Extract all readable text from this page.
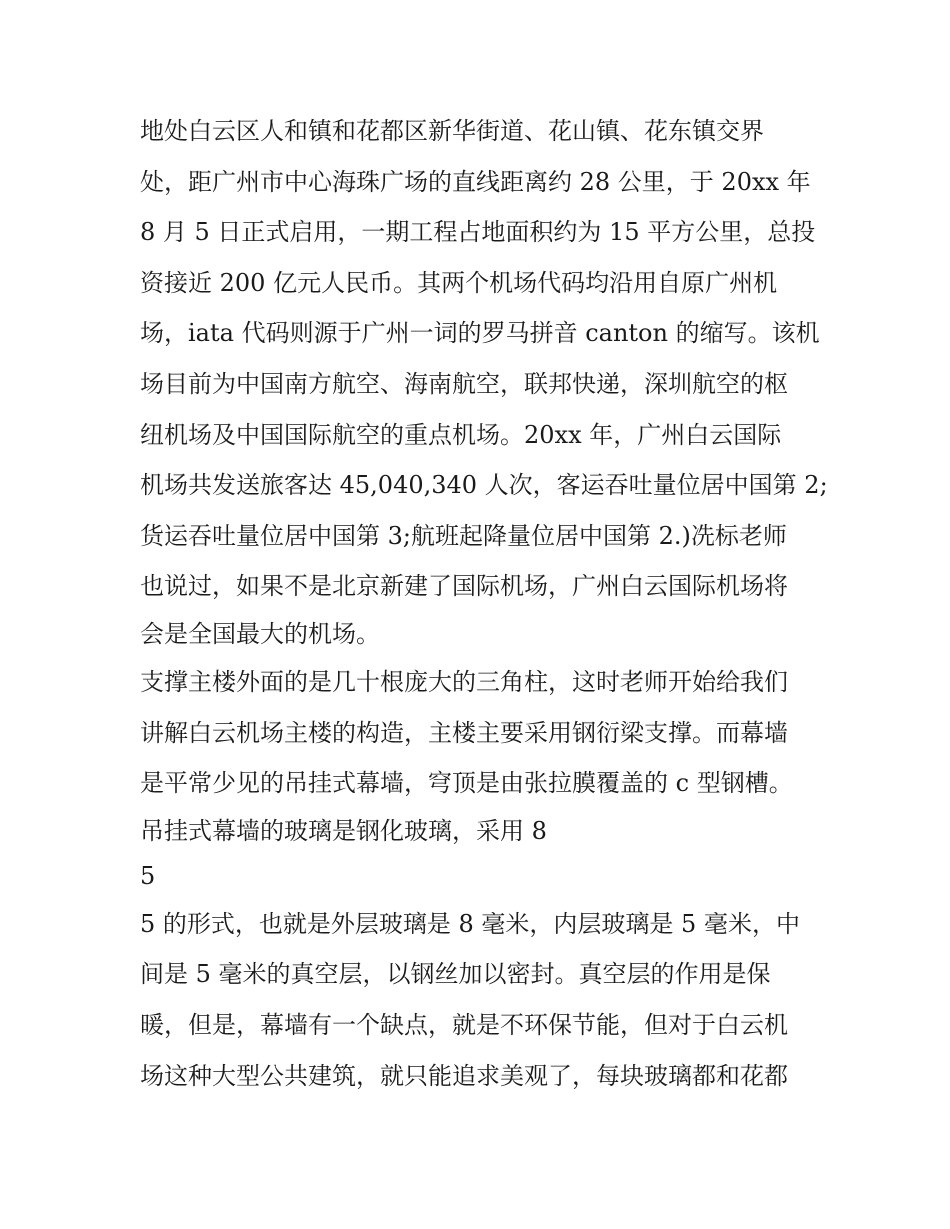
地处白云区人和镇和花都区新华街道、花山镇、花东镇交界
处，距广州市中心海珠广场的直线距离约 28 公里，于 20xx 年
8 月 5 日正式启用，一期工程占地面积约为 15 平方公里，总投
资接近 200 亿元人民币。其两个机场代码均沿用自原广州机
场，iata 代码则源于广州一词的罗马拼音 canton 的缩写。该机
场目前为中国南方航空、海南航空，联邦快递，深圳航空的枢
纽机场及中国国际航空的重点机场。20xx 年，广州白云国际
机场共发送旅客达 45,040,340 人次，客运吞吐量位居中国第 2;
货运吞吐量位居中国第 3;航班起降量位居中国第 2.)冼标老师
也说过，如果不是北京新建了国际机场，广州白云国际机场将
会是全国最大的机场。
支撑主楼外面的是几十根庞大的三角柱，这时老师开始给我们
讲解白云机场主楼的构造，主楼主要采用钢衍梁支撑。而幕墙
是平常少见的吊挂式幕墙，穹顶是由张拉膜覆盖的 c 型钢槽。
吊挂式幕墙的玻璃是钢化玻璃，采用 8
5
5 的形式，也就是外层玻璃是 8 毫米，内层玻璃是 5 毫米，中
间是 5 毫米的真空层，以钢丝加以密封。真空层的作用是保
暖，但是，幕墙有一个缺点，就是不环保节能，但对于白云机
场这种大型公共建筑，就只能追求美观了，每块玻璃都和花都
